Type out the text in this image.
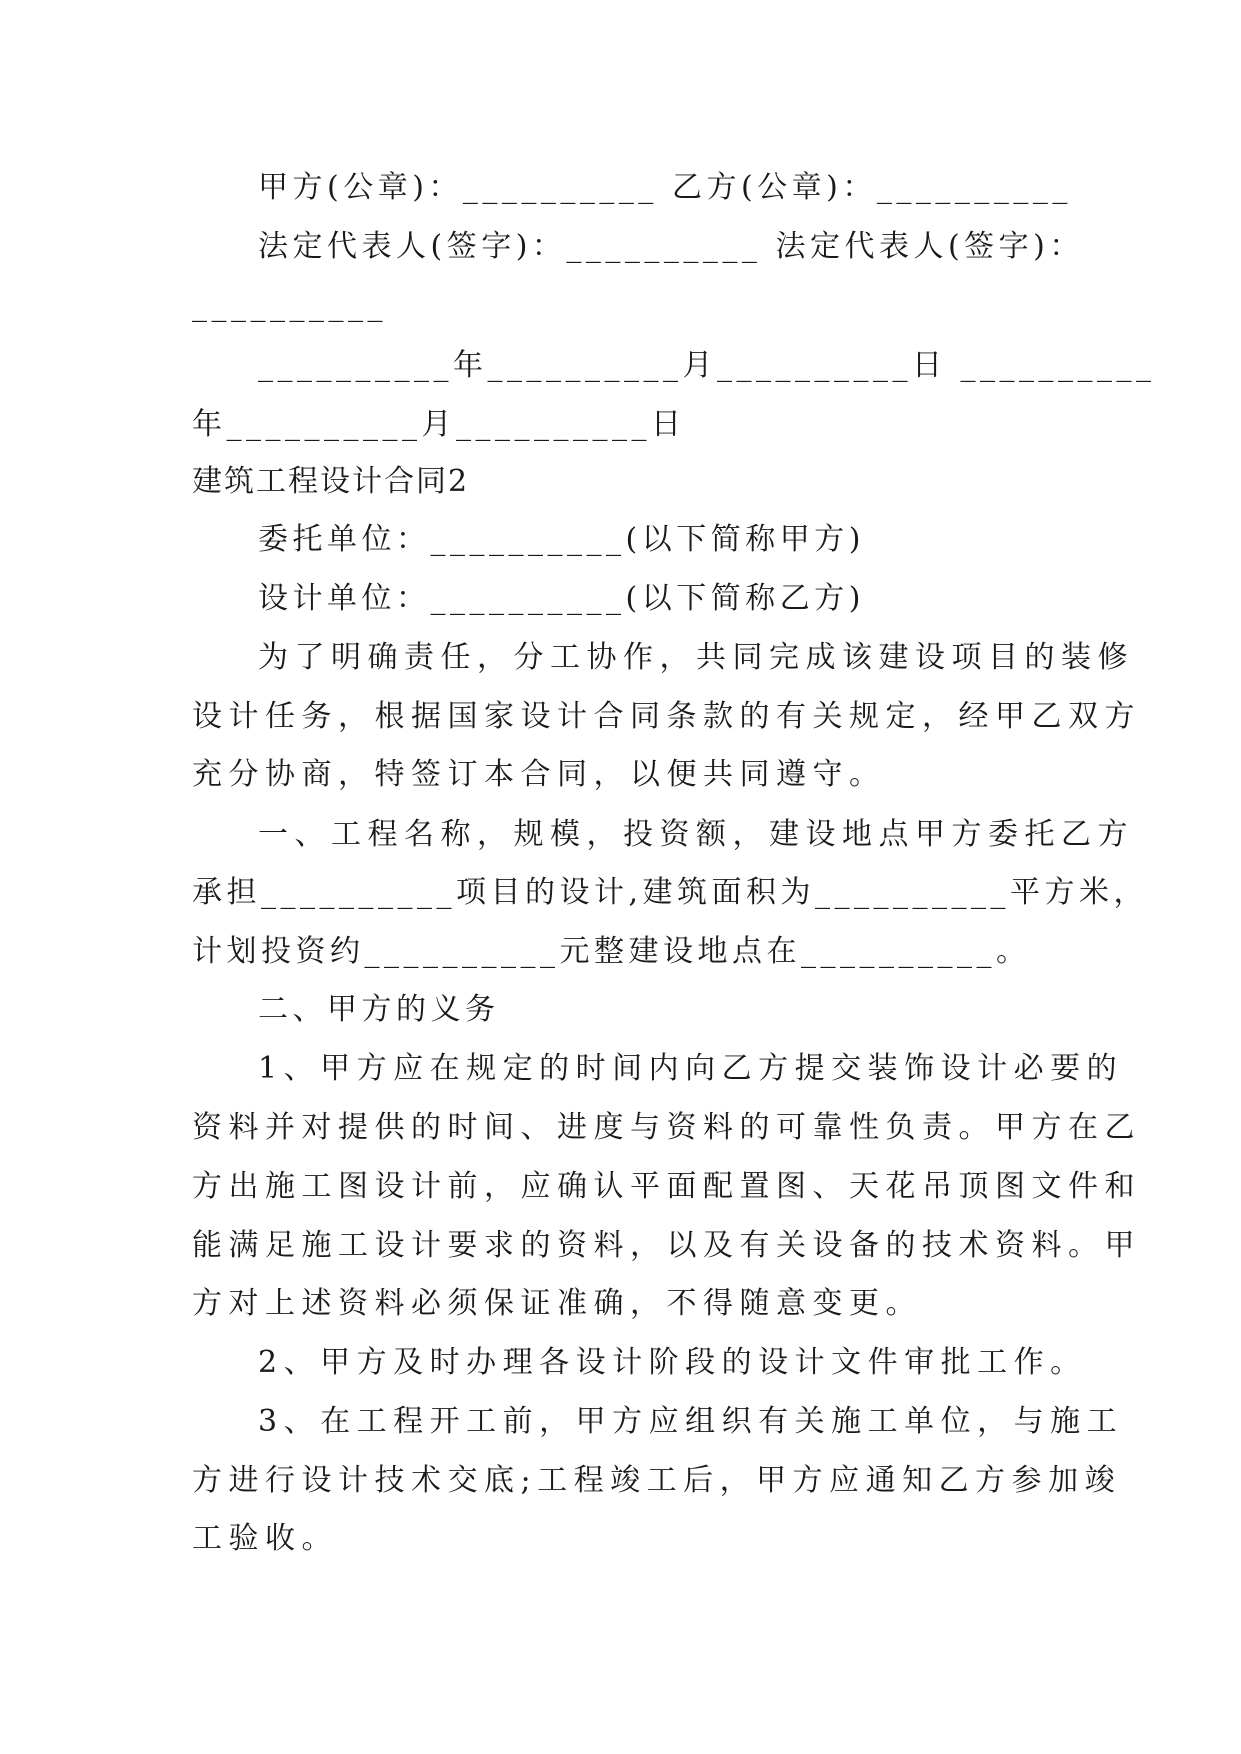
甲方(公章)：__________ 乙方(公章)：__________
法定代表人(签字)：__________ 法定代表人(签字)：
__________
__________年__________月__________日 __________
年__________月__________日
建筑工程设计合同2
委托单位：__________(以下简称甲方)
设计单位：__________(以下简称乙方)
为了明确责任，分工协作，共同完成该建设项目的装修
设计任务，根据国家设计合同条款的有关规定，经甲乙双方
充分协商，特签订本合同，以便共同遵守。
一、工程名称，规模，投资额，建设地点甲方委托乙方
承担__________项目的设计,建筑面积为__________平方米，
计划投资约__________元整建设地点在__________。
二、甲方的义务
1、甲方应在规定的时间内向乙方提交装饰设计必要的
资料并对提供的时间、进度与资料的可靠性负责。甲方在乙
方出施工图设计前，应确认平面配置图、天花吊顶图文件和
能满足施工设计要求的资料，以及有关设备的技术资料。甲
方对上述资料必须保证准确，不得随意变更。
2、甲方及时办理各设计阶段的设计文件审批工作。
3、在工程开工前，甲方应组织有关施工单位，与施工
方进行设计技术交底;工程竣工后，甲方应通知乙方参加竣
工验收。
